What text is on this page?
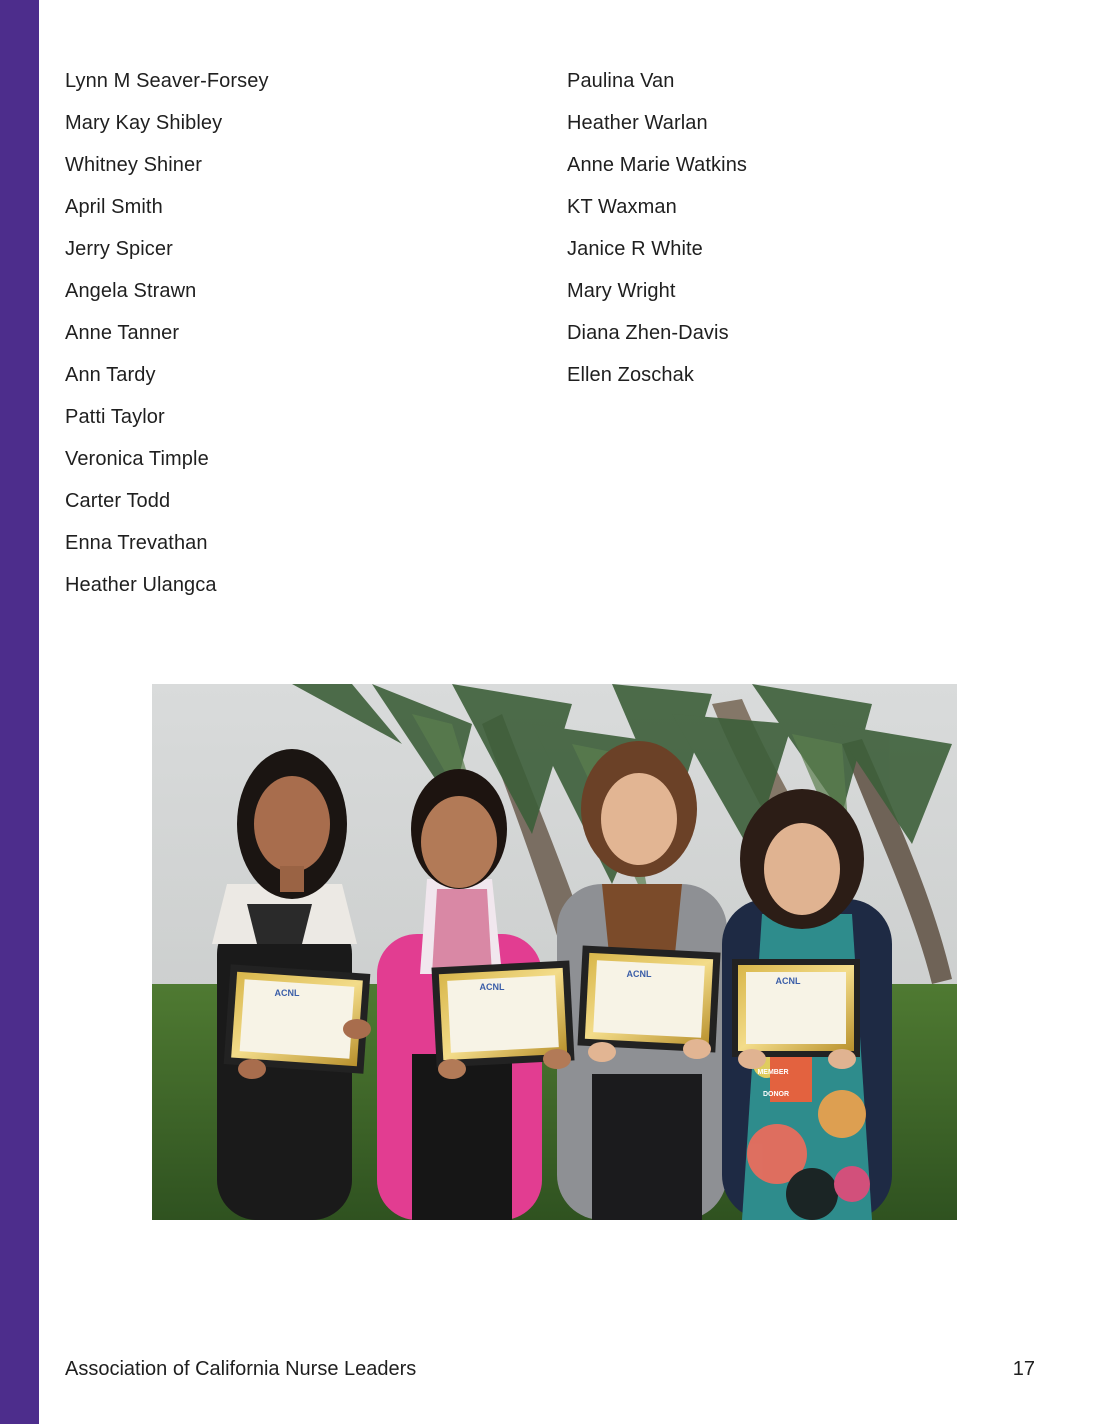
Lynn M Seaver-Forsey
Mary Kay Shibley
Whitney Shiner
April Smith
Jerry Spicer
Angela Strawn
Anne Tanner
Ann Tardy
Patti Taylor
Veronica Timple
Carter Todd
Enna Trevathan
Heather Ulangca
Paulina Van
Heather Warlan
Anne Marie Watkins
KT Waxman
Janice R White
Mary Wright
Diana Zhen-Davis
Ellen Zoschak
ACNL
ACNL
ACNL
ACNL
MEMBER
DONOR
Association of California Nurse Leaders	17
